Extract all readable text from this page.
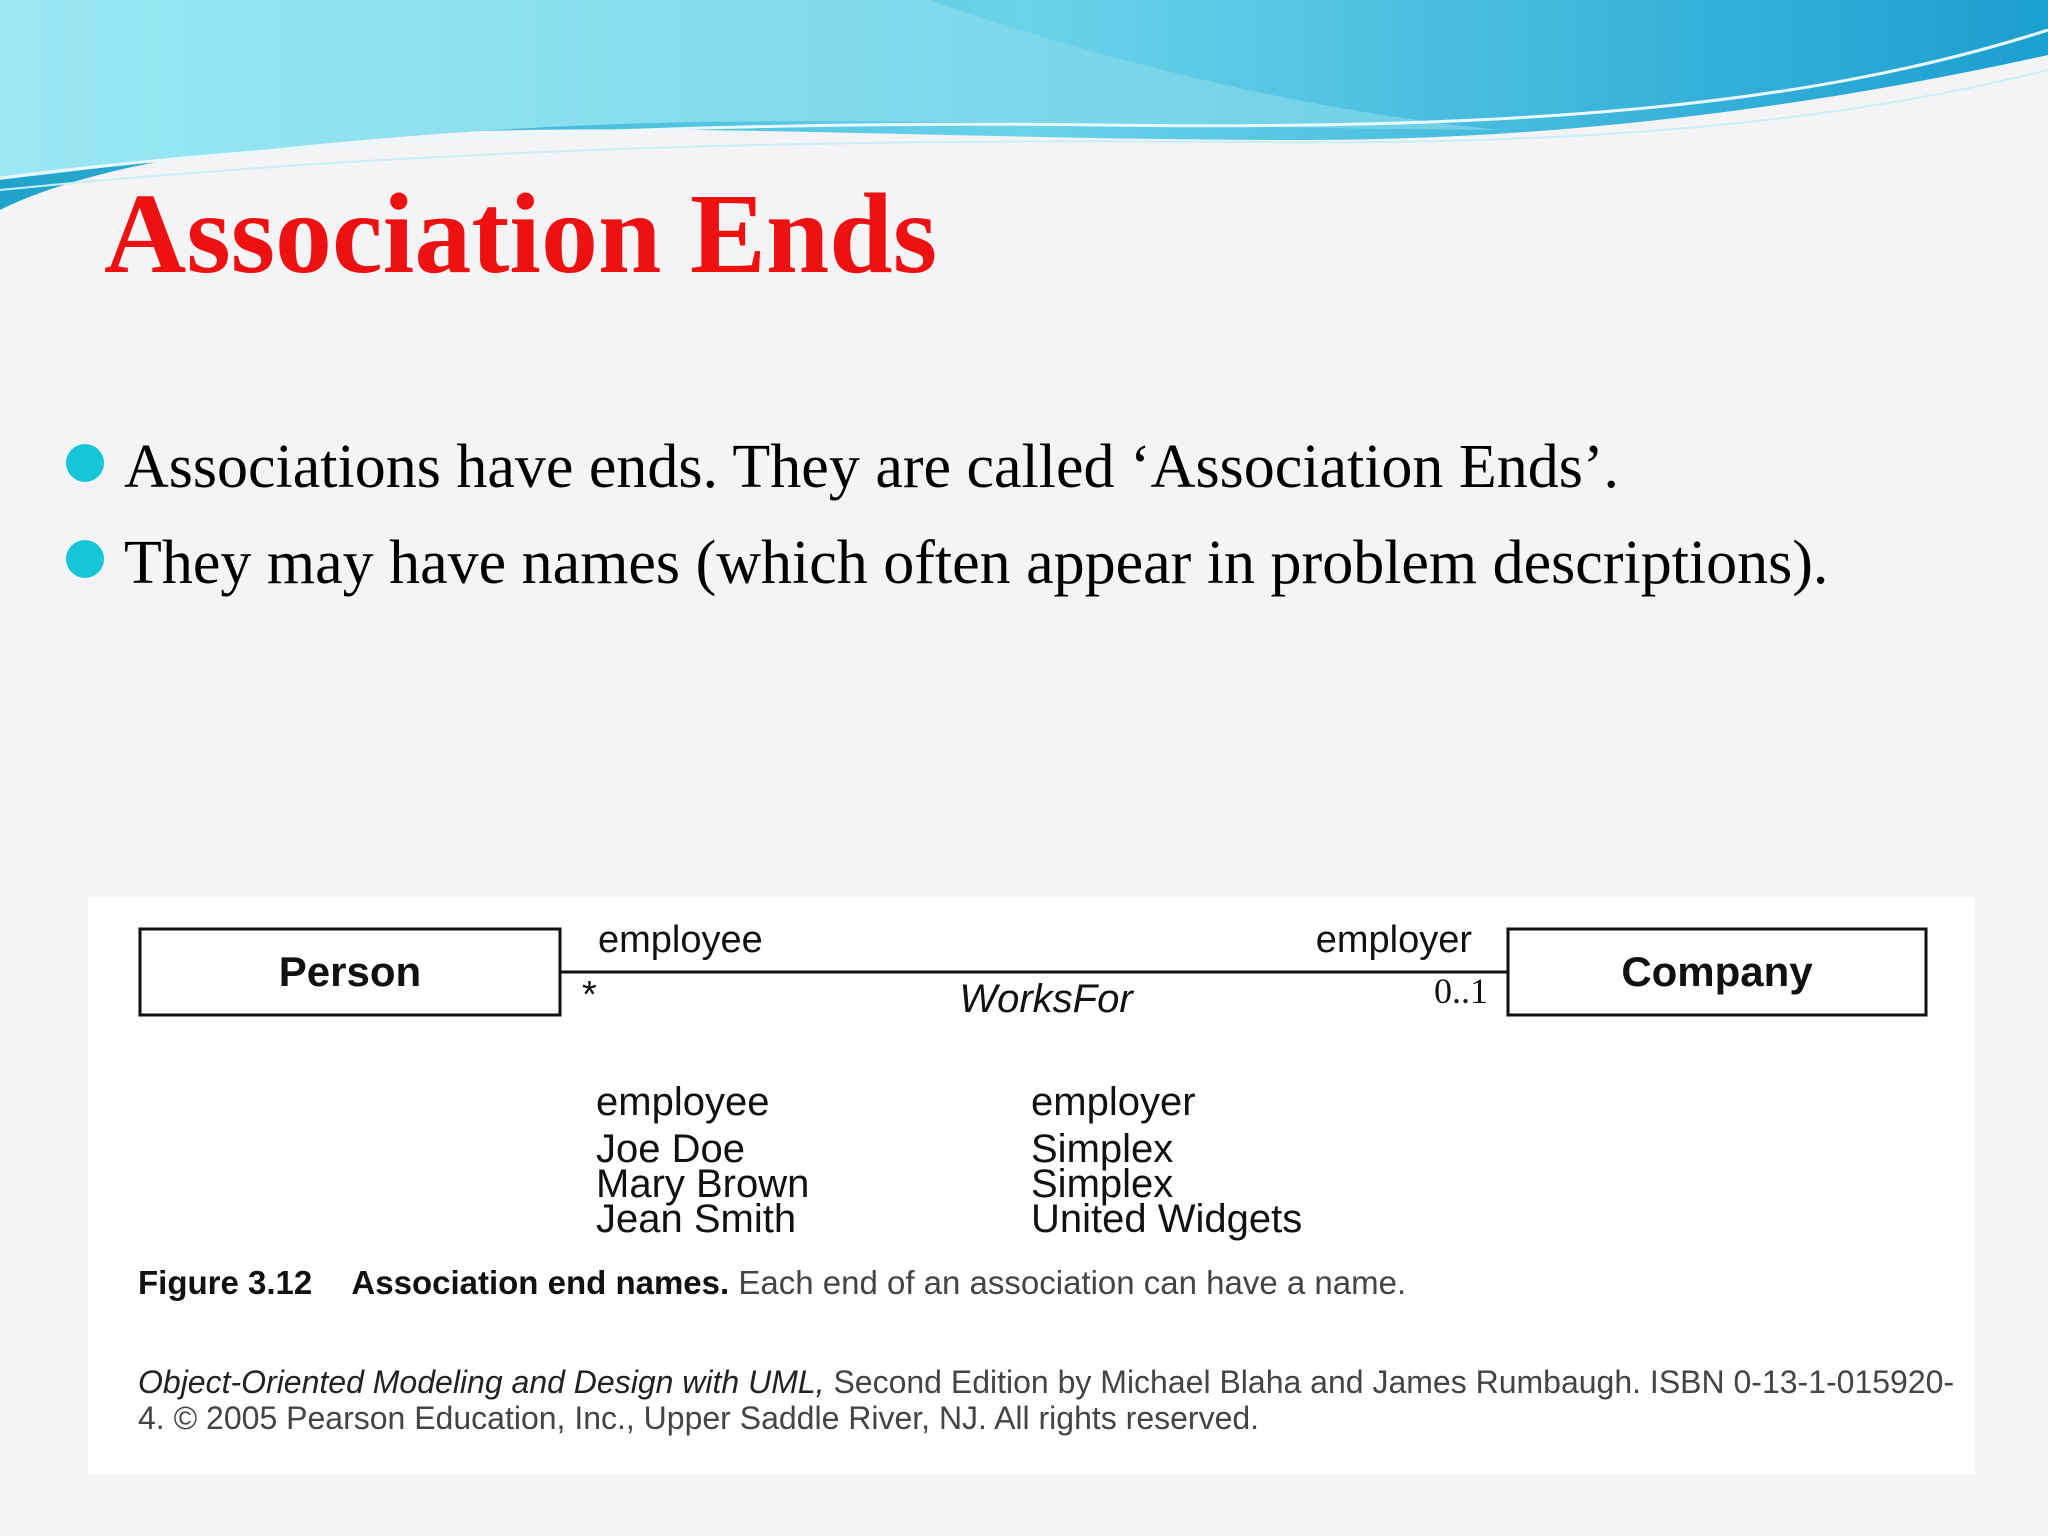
Association Ends
Associations have ends. They are called ‘Association Ends’.
They may have names (which often appear in problem descriptions).
Person	Company
employee	employer
*	0..1
WorksFor
employee	employer
Joe Doe	Simplex
Mary Brown	Simplex
Jean Smith	United Widgets
Figure 3.12 Association end names. Each end of an association can have a name.
Object-Oriented Modeling and Design with UML, Second Edition by Michael Blaha and James Rumbaugh. ISBN 0-13-1-015920-4. © 2005 Pearson Education, Inc., Upper Saddle River, NJ. All rights reserved.
